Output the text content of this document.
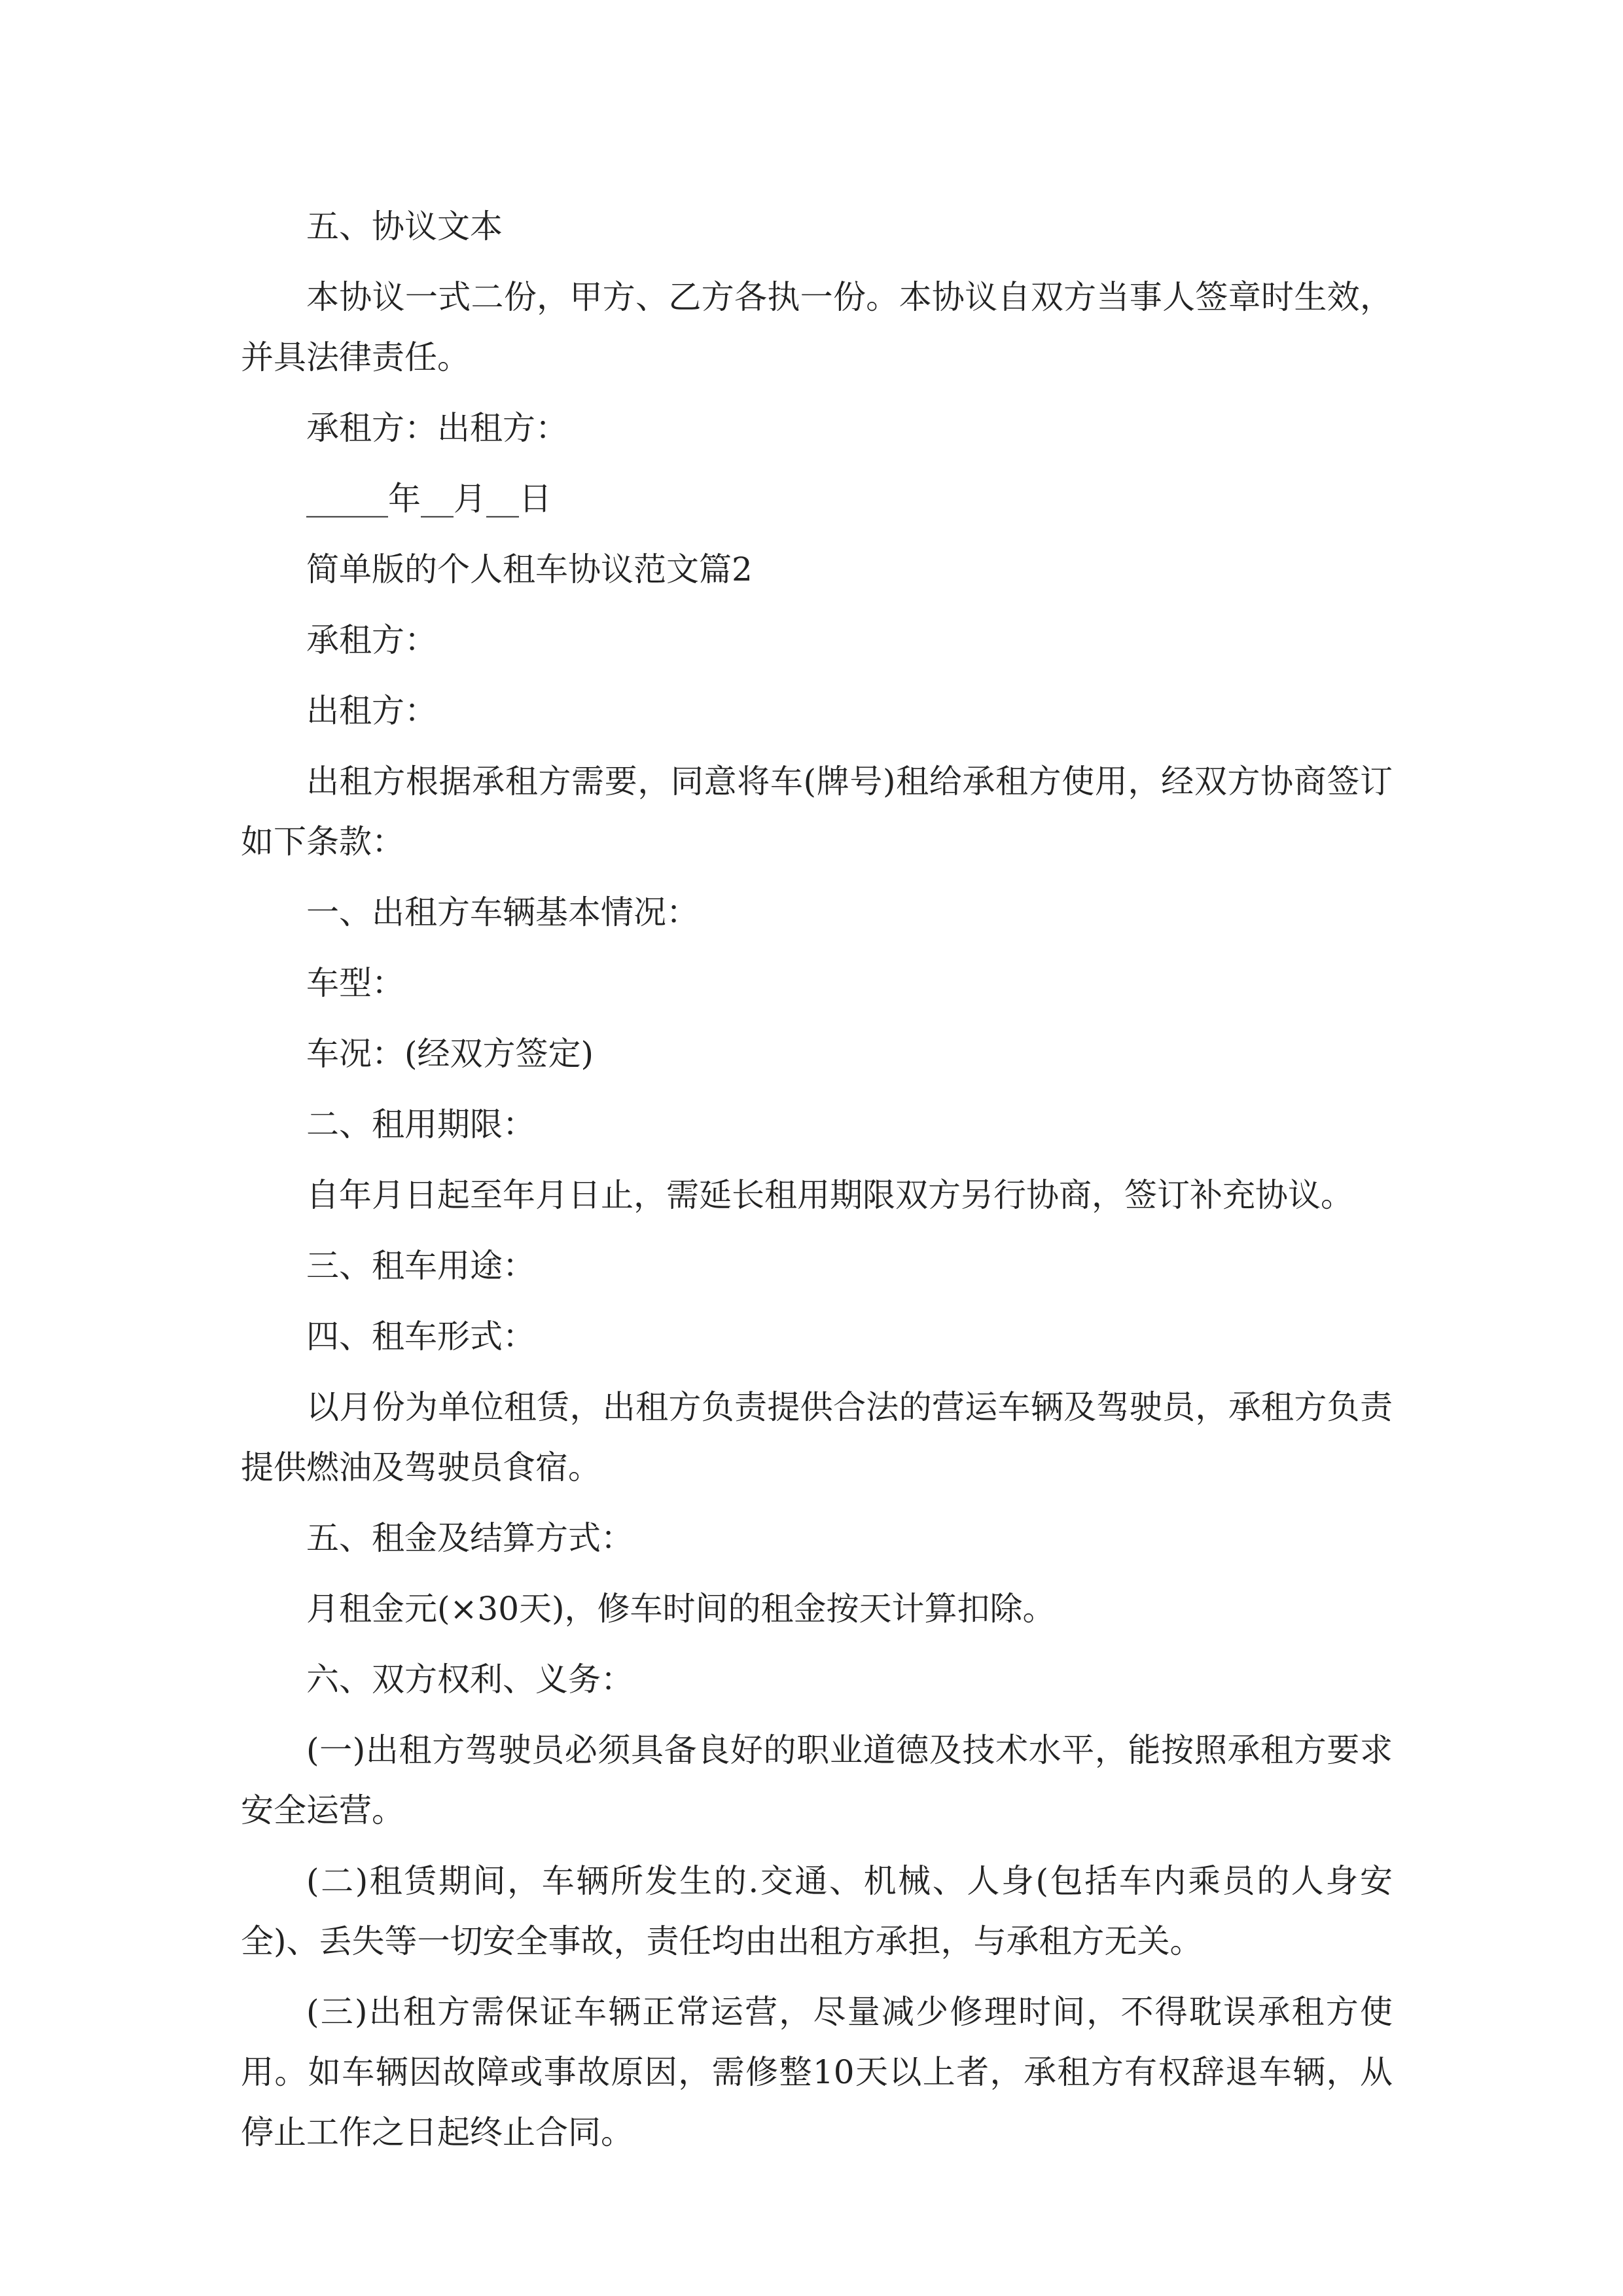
五、协议文本

本协议一式二份，甲方、乙方各执一份。本协议自双方当事人签章时生效，并具法律责任。

承租方：出租方：

_____年__月__日

简单版的个人租车协议范文篇2

承租方：

出租方：

出租方根据承租方需要，同意将车(牌号)租给承租方使用，经双方协商签订如下条款：

一、出租方车辆基本情况：

车型：

车况：(经双方签定)

二、租用期限：

自年月日起至年月日止，需延长租用期限双方另行协商，签订补充协议。

三、租车用途：

四、租车形式：

以月份为单位租赁，出租方负责提供合法的营运车辆及驾驶员，承租方负责提供燃油及驾驶员食宿。

五、租金及结算方式：

月租金元(×30天)，修车时间的租金按天计算扣除。

六、双方权利、义务：

(一)出租方驾驶员必须具备良好的职业道德及技术水平，能按照承租方要求安全运营。

(二)租赁期间，车辆所发生的.交通、机械、人身(包括车内乘员的人身安全)、丢失等一切安全事故，责任均由出租方承担，与承租方无关。

(三)出租方需保证车辆正常运营，尽量减少修理时间，不得耽误承租方使用。如车辆因故障或事故原因，需修整10天以上者，承租方有权辞退车辆，从停止工作之日起终止合同。
